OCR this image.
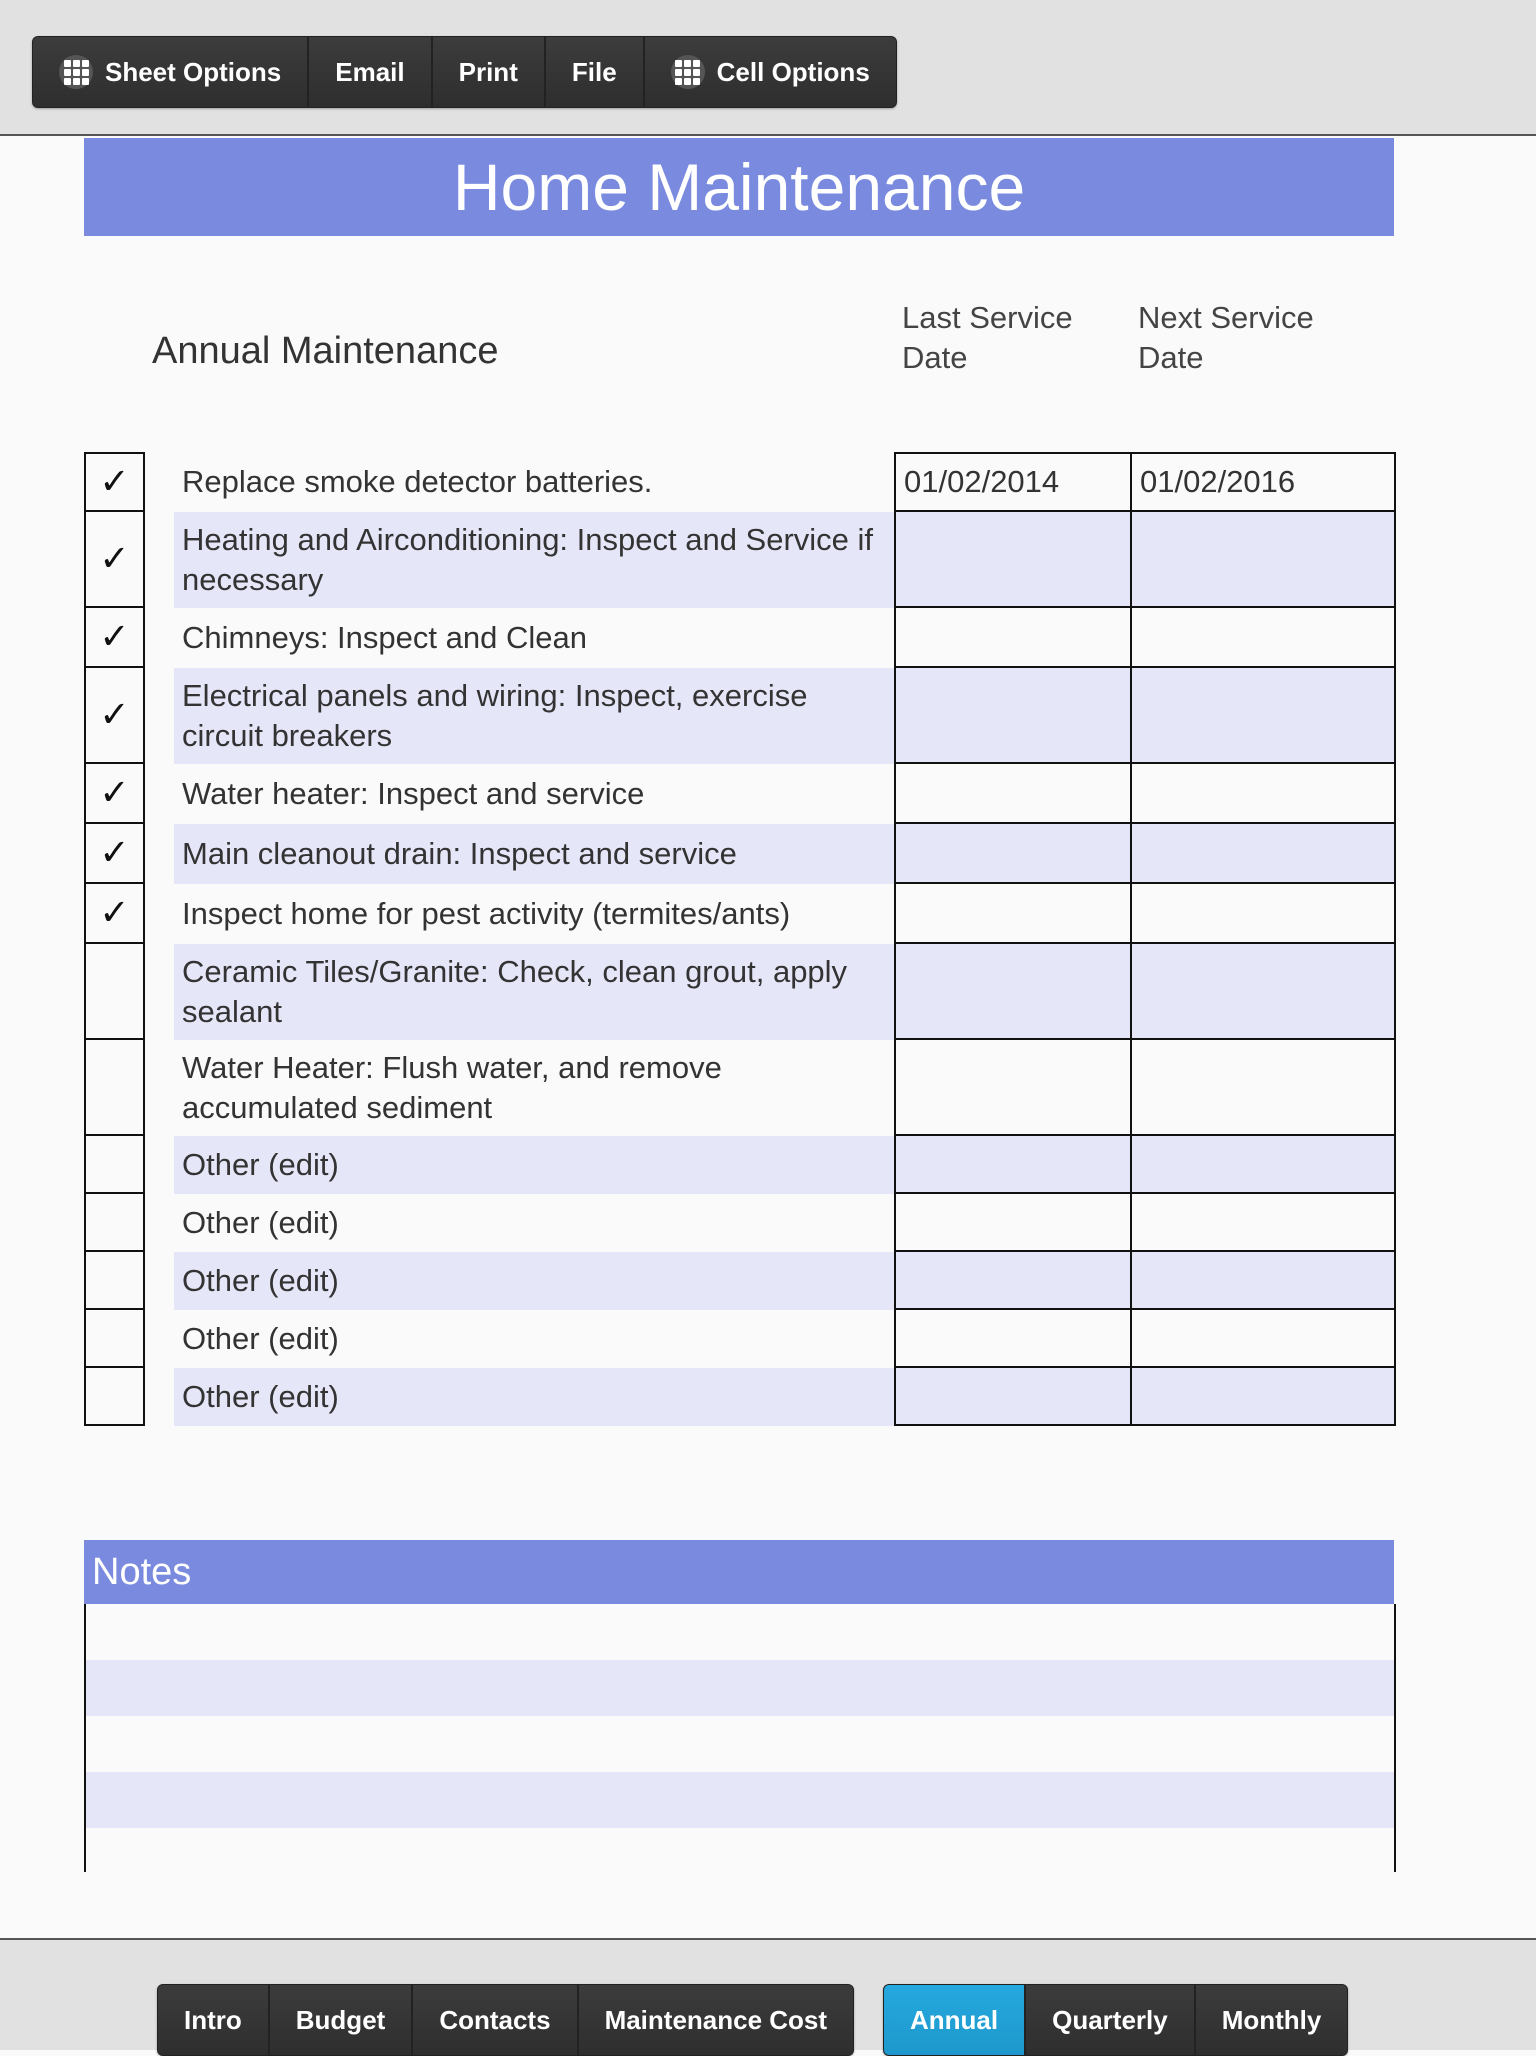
Sheet Options	Email	Print	File	Cell Options
Home Maintenance
Annual Maintenance
Last Service Date
Next Service Date
✓	Replace smoke detector batteries.	01/02/2014	01/02/2016
✓	Heating and Airconditioning: Inspect and Service if necessary
✓	Chimneys: Inspect and Clean
✓	Electrical panels and wiring: Inspect, exercise circuit breakers
✓	Water heater: Inspect and service
✓	Main cleanout drain: Inspect and service
✓	Inspect home for pest activity (termites/ants)
Ceramic Tiles/Granite: Check, clean grout, apply sealant
Water Heater: Flush water, and remove accumulated sediment
Other (edit)
Other (edit)
Other (edit)
Other (edit)
Other (edit)
Notes
Intro	Budget	Contacts	Maintenance Cost	Annual	Quarterly	Monthly
